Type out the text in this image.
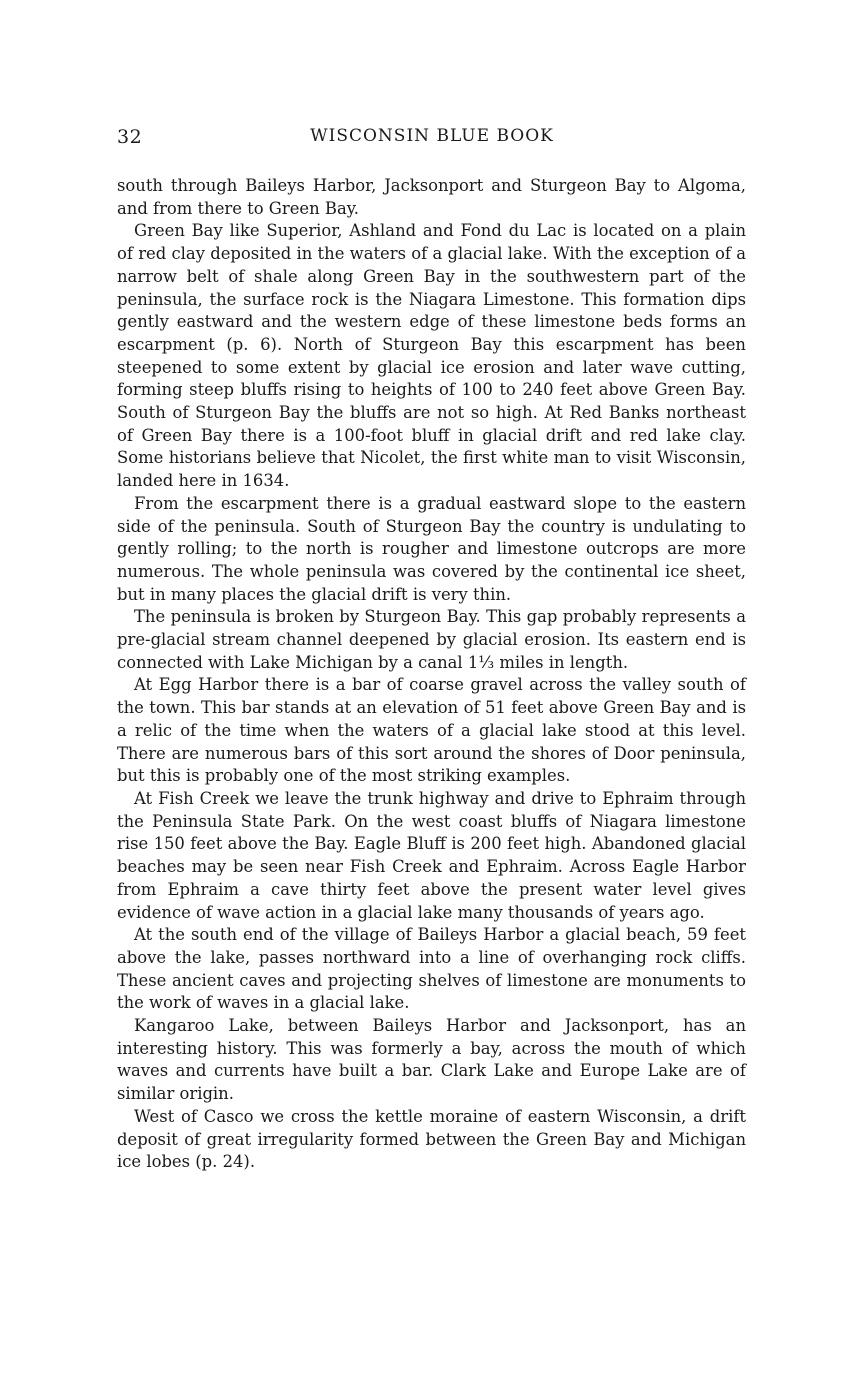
32	WISCONSIN BLUE BOOK

south through Baileys Harbor, Jacksonport and Sturgeon Bay to Algoma, and from there to Green Bay.

Green Bay like Superior, Ashland and Fond du Lac is located on a plain of red clay deposited in the waters of a glacial lake. With the exception of a narrow belt of shale along Green Bay in the southwestern part of the peninsula, the surface rock is the Niagara Limestone. This formation dips gently eastward and the western edge of these limestone beds forms an escarpment (p. 6). North of Sturgeon Bay this escarpment has been steepened to some extent by glacial ice erosion and later wave cutting, forming steep bluffs rising to heights of 100 to 240 feet above Green Bay. South of Sturgeon Bay the bluffs are not so high. At Red Banks northeast of Green Bay there is a 100-foot bluff in glacial drift and red lake clay. Some historians believe that Nicolet, the first white man to visit Wisconsin, landed here in 1634.

From the escarpment there is a gradual eastward slope to the eastern side of the peninsula. South of Sturgeon Bay the country is undulating to gently rolling; to the north is rougher and limestone outcrops are more numerous. The whole peninsula was covered by the continental ice sheet, but in many places the glacial drift is very thin.

The peninsula is broken by Sturgeon Bay. This gap probably represents a pre-glacial stream channel deepened by glacial erosion. Its eastern end is connected with Lake Michigan by a canal 1⅓ miles in length.

At Egg Harbor there is a bar of coarse gravel across the valley south of the town. This bar stands at an elevation of 51 feet above Green Bay and is a relic of the time when the waters of a glacial lake stood at this level. There are numerous bars of this sort around the shores of Door peninsula, but this is probably one of the most striking examples.

At Fish Creek we leave the trunk highway and drive to Ephraim through the Peninsula State Park. On the west coast bluffs of Niagara limestone rise 150 feet above the Bay. Eagle Bluff is 200 feet high. Abandoned glacial beaches may be seen near Fish Creek and Ephraim. Across Eagle Harbor from Ephraim a cave thirty feet above the present water level gives evidence of wave action in a glacial lake many thousands of years ago.

At the south end of the village of Baileys Harbor a glacial beach, 59 feet above the lake, passes northward into a line of overhanging rock cliffs. These ancient caves and projecting shelves of limestone are monuments to the work of waves in a glacial lake.

Kangaroo Lake, between Baileys Harbor and Jacksonport, has an interesting history. This was formerly a bay, across the mouth of which waves and currents have built a bar. Clark Lake and Europe Lake are of similar origin.

West of Casco we cross the kettle moraine of eastern Wisconsin, a drift deposit of great irregularity formed between the Green Bay and Michigan ice lobes (p. 24).
